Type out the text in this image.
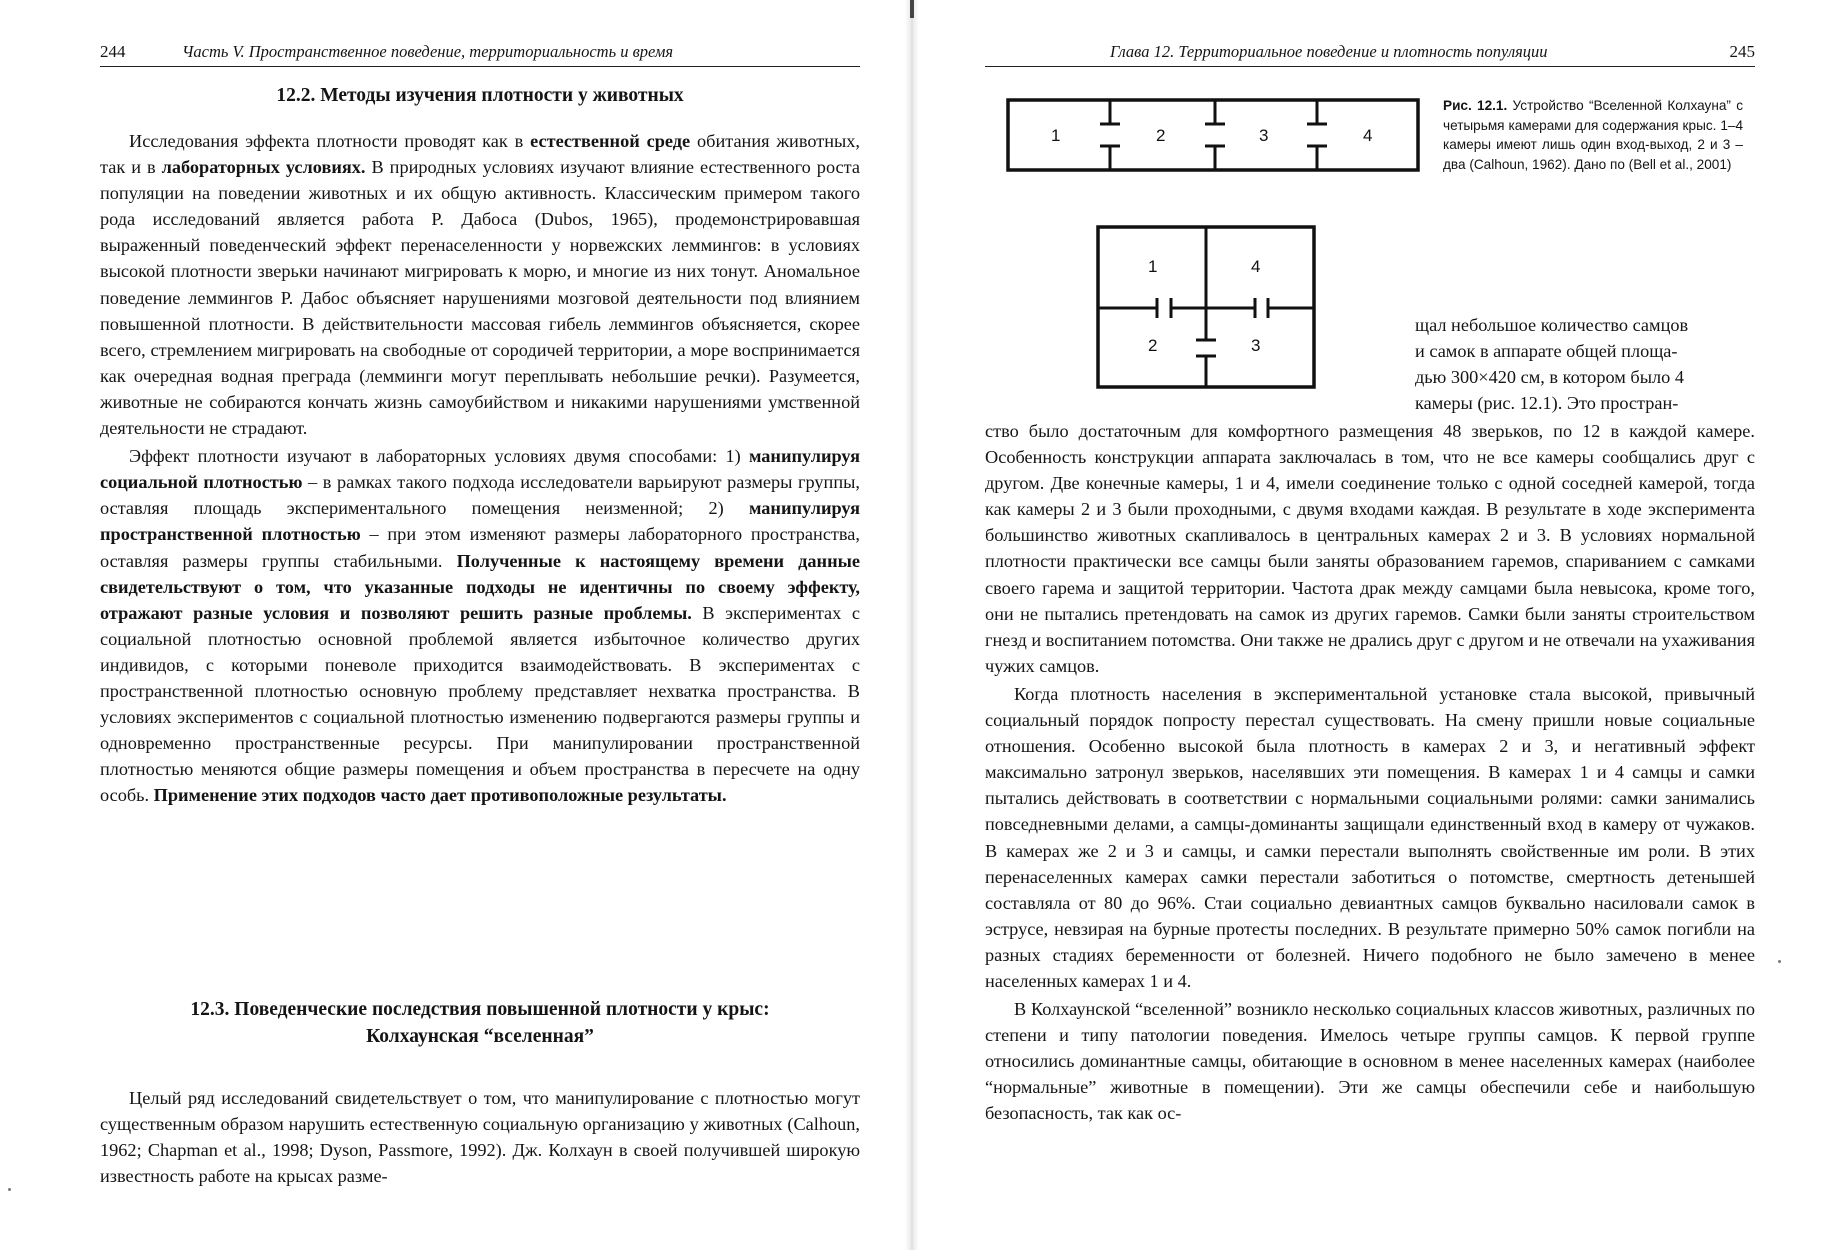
244	Часть V. Пространственное поведение, территориальность и время
12.2. Методы изучения плотности у животных

Исследования эффекта плотности проводят как в естественной среде обитания животных, так и в лабораторных условиях. В природных условиях изучают влияние естественного роста популяции на поведении животных и их общую активность. Классическим примером такого рода исследований является работа Р. Дабоса (Dubos, 1965), продемонстрировавшая выраженный поведенческий эффект перенаселенности у норвежских леммингов: в условиях высокой плотности зверьки начинают мигрировать к морю, и многие из них тонут. Аномальное поведение леммингов Р. Дабос объясняет нарушениями мозговой деятельности под влиянием повышенной плотности. В действительности массовая гибель леммингов объясняется, скорее всего, стремлением мигрировать на свободные от сородичей территории, а море воспринимается как очередная водная преграда (лемминги могут переплывать небольшие речки). Разумеется, животные не собираются кончать жизнь самоубийством и никакими нарушениями умственной деятельности не страдают.

Эффект плотности изучают в лабораторных условиях двумя способами: 1) манипулируя социальной плотностью – в рамках такого подхода исследователи варьируют размеры группы, оставляя площадь экспериментального помещения неизменной; 2) манипулируя пространственной плотностью – при этом изменяют размеры лабораторного пространства, оставляя размеры группы стабильными. Полученные к настоящему времени данные свидетельствуют о том, что указанные подходы не идентичны по своему эффекту, отражают разные условия и позволяют решить разные проблемы. В экспериментах с социальной плотностью основной проблемой является избыточное количество других индивидов, с которыми поневоле приходится взаимодействовать. В экспериментах с пространственной плотностью основную проблему представляет нехватка пространства. В условиях экспериментов с социальной плотностью изменению подвергаются размеры группы и одновременно пространственные ресурсы. При манипулировании пространственной плотностью меняются общие размеры помещения и объем пространства в пересчете на одну особь. Применение этих подходов часто дает противоположные результаты.

12.3. Поведенческие последствия повышенной плотности у крыс:
Колхаунская “вселенная”

Целый ряд исследований свидетельствует о том, что манипулирование с плотностью могут существенным образом нарушить естественную социальную организацию у животных (Calhoun, 1962; Chapman et al., 1998; Dyson, Passmore, 1992). Дж. Колхаун в своей получившей широкую известность работе на крысах разме-

Глава 12. Территориальное поведение и плотность популяции	245
1	2	3	4
1	4
2	3
Рис. 12.1. Устройство “Вселенной Колхауна” с четырьмя камерами для содержания крыс. 1–4 камеры имеют лишь один вход-выход, 2 и 3 – два (Calhoun, 1962). Дано по (Bell et al., 2001)
щал небольшое количество самцов
и самок в аппарате общей площа-
дью 300×420 см, в котором было 4
камеры (рис. 12.1). Это простран-

ство было достаточным для комфортного размещения 48 зверьков, по 12 в каждой камере. Особенность конструкции аппарата заключалась в том, что не все камеры сообщались друг с другом. Две конечные камеры, 1 и 4, имели соединение только с одной соседней камерой, тогда как камеры 2 и 3 были проходными, с двумя входами каждая. В результате в ходе эксперимента большинство животных скапливалось в центральных камерах 2 и 3. В условиях нормальной плотности практически все самцы были заняты образованием гаремов, спариванием с самками своего гарема и защитой территории. Частота драк между самцами была невысока, кроме того, они не пытались претендовать на самок из других гаремов. Самки были заняты строительством гнезд и воспитанием потомства. Они также не дрались друг с другом и не отвечали на ухаживания чужих самцов.

Когда плотность населения в экспериментальной установке стала высокой, привычный социальный порядок попросту перестал существовать. На смену пришли новые социальные отношения. Особенно высокой была плотность в камерах 2 и 3, и негативный эффект максимально затронул зверьков, населявших эти помещения. В камерах 1 и 4 самцы и самки пытались действовать в соответствии с нормальными социальными ролями: самки занимались повседневными делами, а самцы-доминанты защищали единственный вход в камеру от чужаков. В камерах же 2 и 3 и самцы, и самки перестали выполнять свойственные им роли. В этих перенаселенных камерах самки перестали заботиться о потомстве, смертность детенышей составляла от 80 до 96%. Стаи социально девиантных самцов буквально насиловали самок в эструсе, невзирая на бурные протесты последних. В результате примерно 50% самок погибли на разных стадиях беременности от болезней. Ничего подобного не было замечено в менее населенных камерах 1 и 4.

В Колхаунской “вселенной” возникло несколько социальных классов животных, различных по степени и типу патологии поведения. Имелось четыре группы самцов. К первой группе относились доминантные самцы, обитающие в основном в менее населенных камерах (наиболее “нормальные” животные в помещении). Эти же самцы обеспечили себе и наибольшую безопасность, так как ос-
